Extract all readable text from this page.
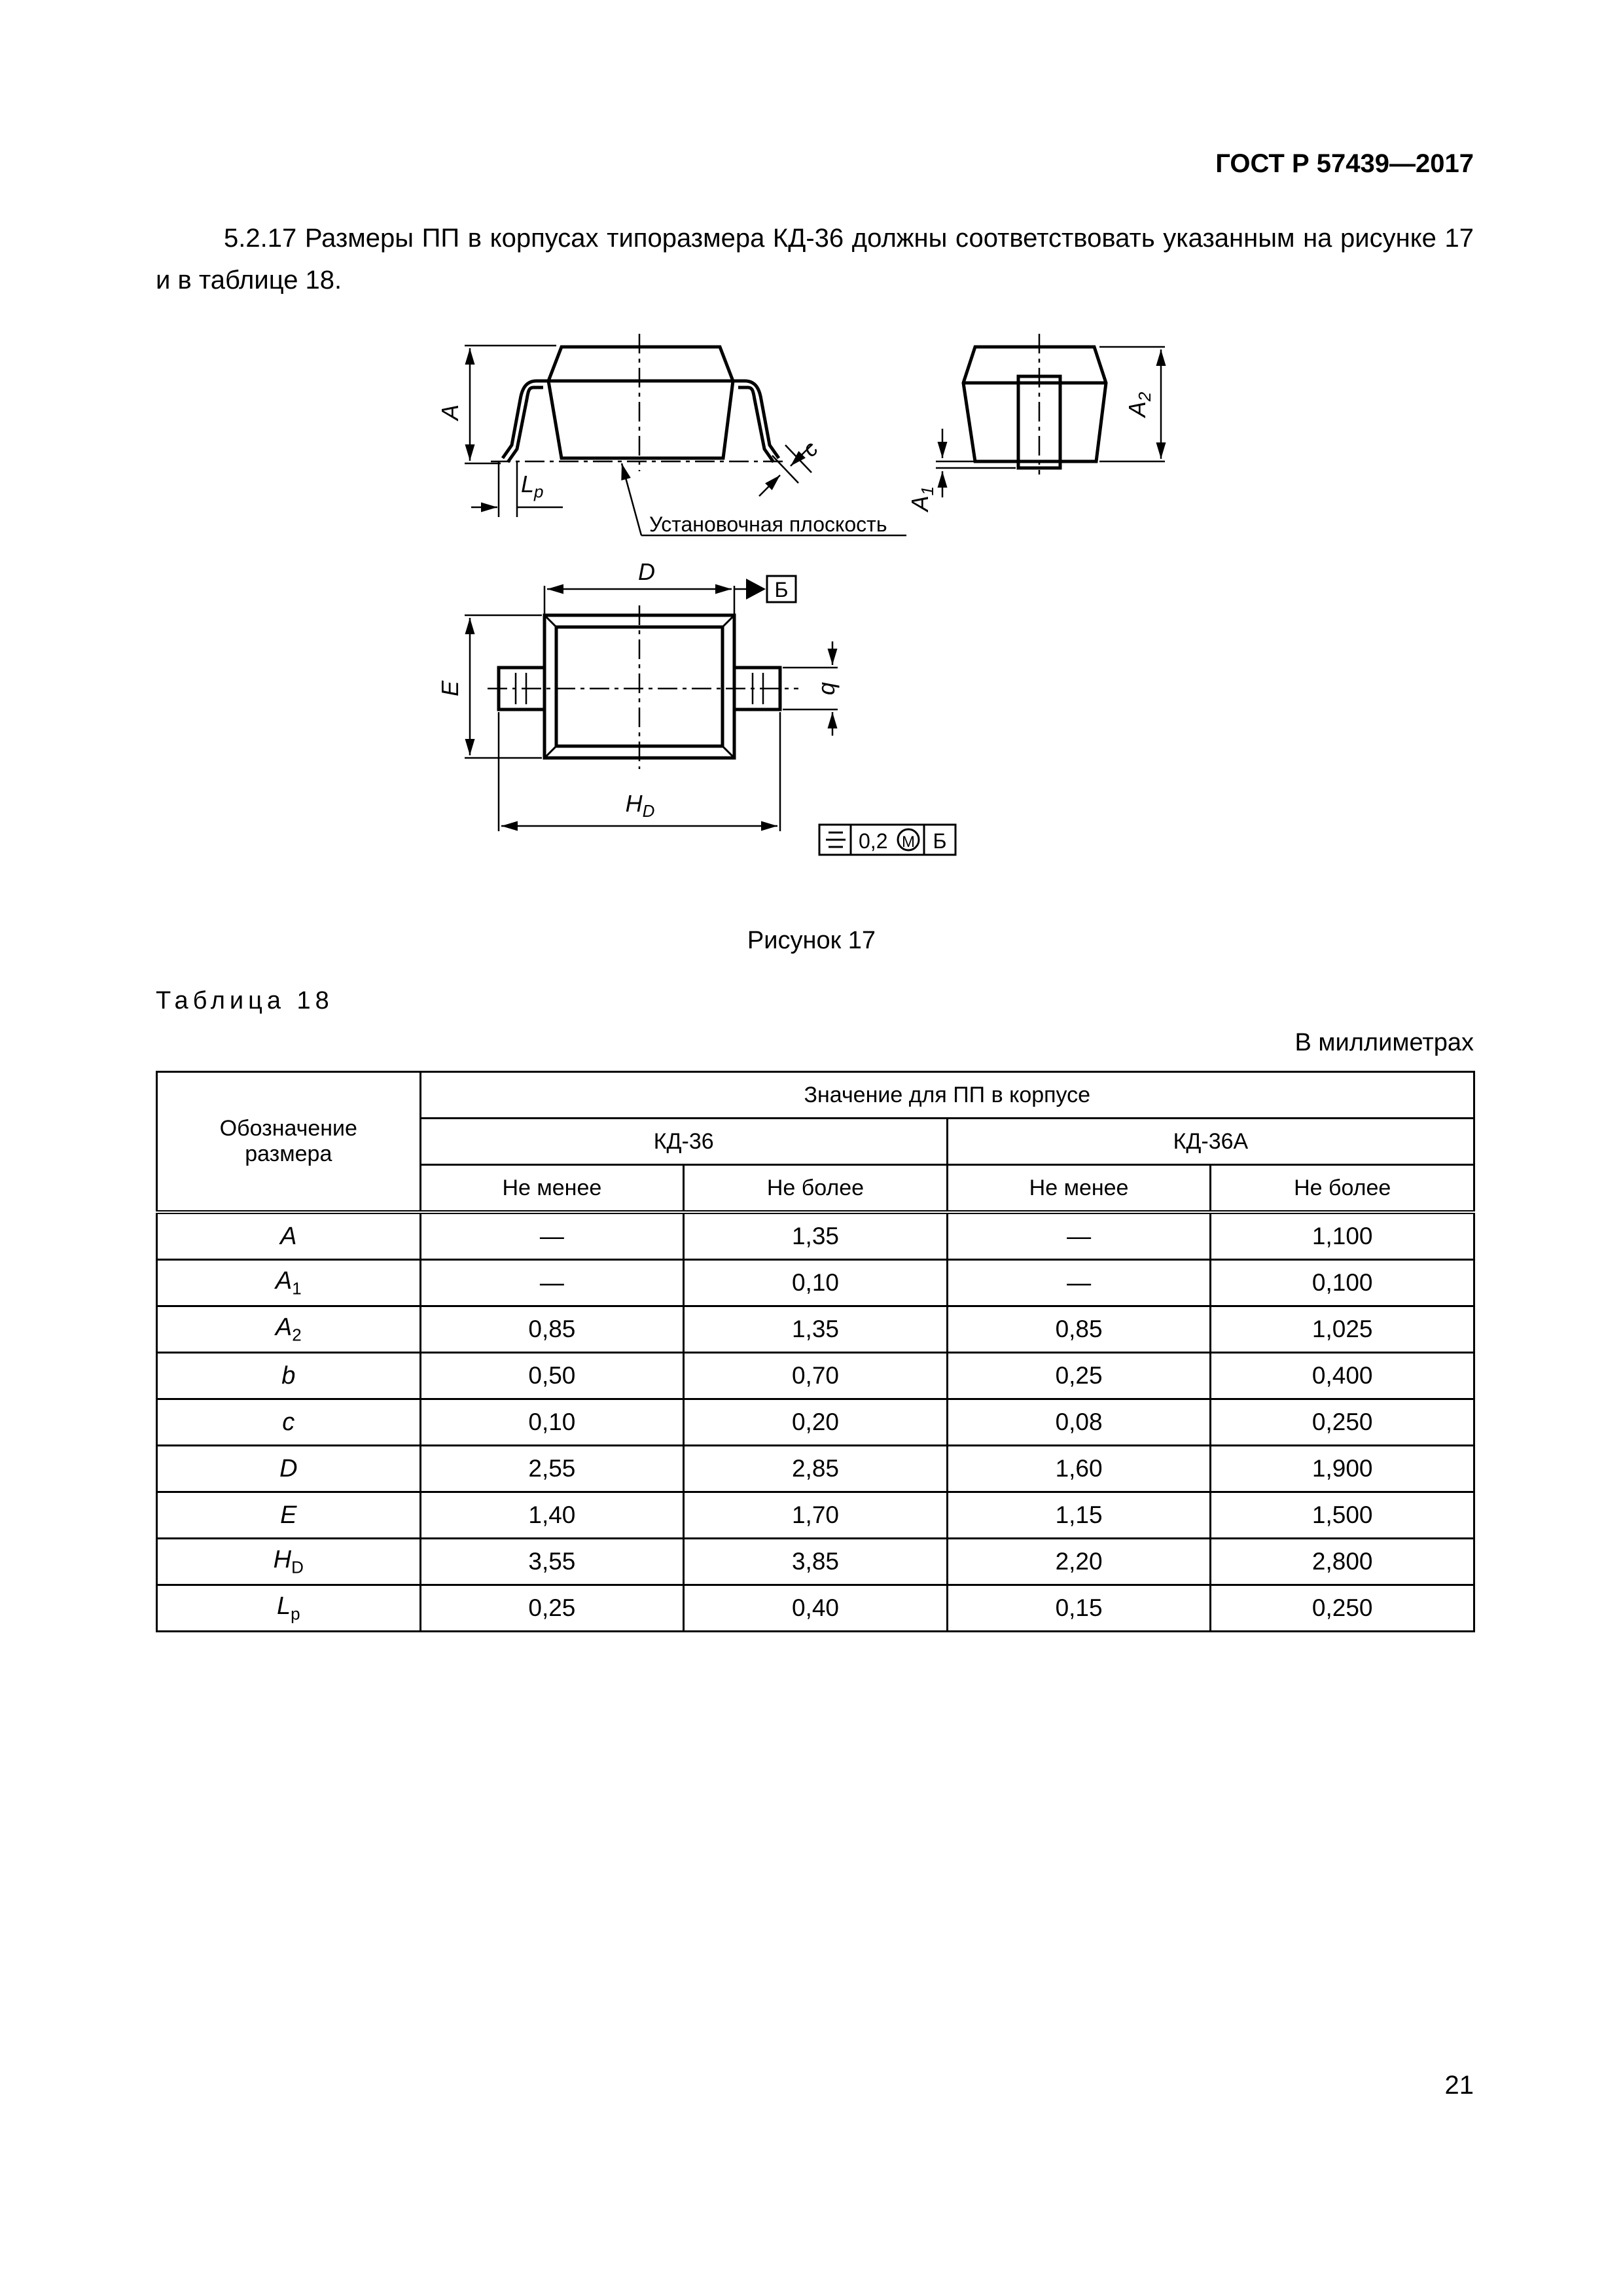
ГОСТ Р 57439—2017
5.2.17 Размеры ПП в корпусах типоразмера КД-36 должны соответствовать указанным на рисунке 17 и в таблице 18.
A
$L_p$
c
Установочная плоскость
$A_2$
$A_1$
Б
D
E	b
$H_D$
0,2 M Б
Рисунок 17
Таблица 18
В миллиметрах
Обозначение размера	Значение для ПП в корпусе			
	КД-36		КД-36А	
	Не менее	Не более	Не менее	Не более
A	—	1,35	—	1,100
$A_1$	—	0,10	—	0,100
$A_2$	0,85	1,35	0,85	1,025
b	0,50	0,70	0,25	0,400
c	0,10	0,20	0,08	0,250
D	2,55	2,85	1,60	1,900
E	1,40	1,70	1,15	1,500
$H_D$	3,55	3,85	2,20	2,800
$L_p$	0,25	0,40	0,15	0,250
21
